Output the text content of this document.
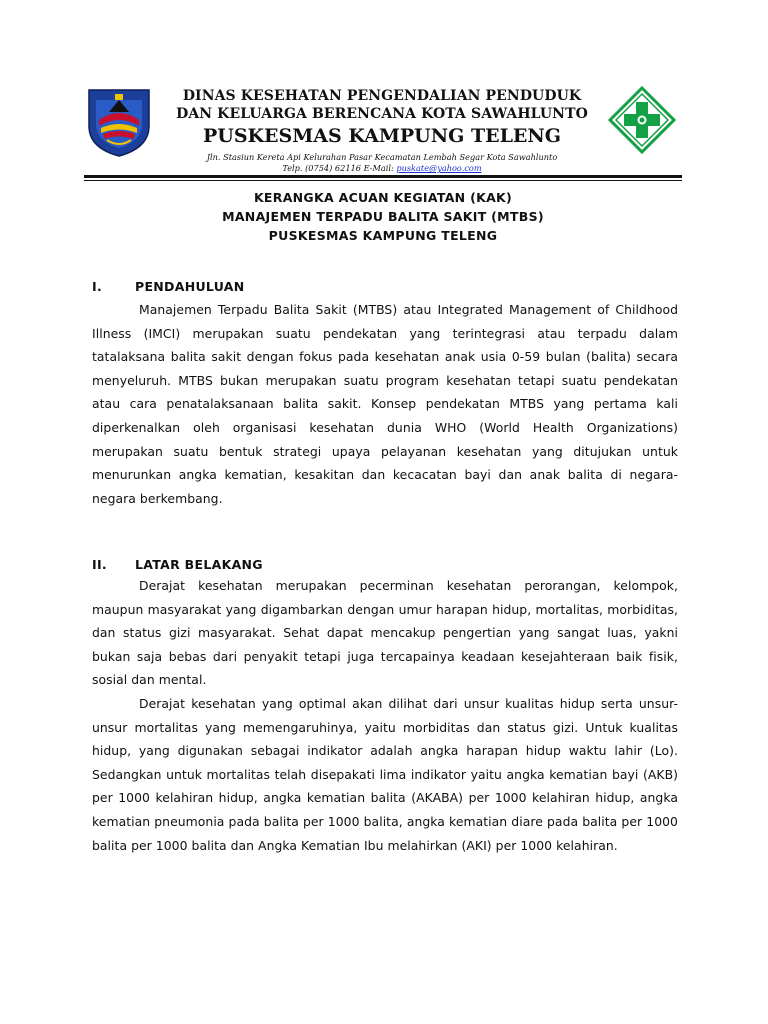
DINAS KESEHATAN PENGENDALIAN PENDUDUK
DAN KELUARGA BERENCANA KOTA SAWAHLUNTO
PUSKESMAS KAMPUNG TELENG
Jln. Stasiun Kereta Api Kelurahan Pasar Kecamatan Lembah Segar Kota Sawahlunto
Telp. (0754) 62116 E-Mail: puskate@yahoo.com
KERANGKA ACUAN KEGIATAN (KAK)
MANAJEMEN TERPADU BALITA SAKIT (MTBS)
PUSKESMAS KAMPUNG TELENG
I.	PENDAHULUAN
Manajemen Terpadu Balita Sakit (MTBS) atau Integrated Management of Childhood Illness (IMCI) merupakan suatu pendekatan yang terintegrasi atau terpadu dalam tatalaksana balita sakit dengan fokus pada kesehatan anak usia 0-59 bulan (balita) secara menyeluruh. MTBS bukan merupakan suatu program kesehatan tetapi suatu pendekatan atau cara penatalaksanaan balita sakit. Konsep pendekatan MTBS yang pertama kali diperkenalkan oleh organisasi kesehatan dunia WHO (World Health Organizations) merupakan suatu bentuk strategi upaya pelayanan kesehatan yang ditujukan untuk menurunkan angka kematian, kesakitan dan kecacatan bayi dan anak balita di negara-negara berkembang.
II. LATAR BELAKANG
Derajat kesehatan merupakan pecerminan kesehatan perorangan, kelompok, maupun masyarakat yang digambarkan dengan umur harapan hidup, mortalitas, morbiditas, dan status gizi masyarakat. Sehat dapat mencakup pengertian yang sangat luas, yakni bukan saja bebas dari penyakit tetapi juga tercapainya keadaan kesejahteraan baik fisik, sosial dan mental.
Derajat kesehatan yang optimal akan dilihat dari unsur kualitas hidup serta unsur-unsur mortalitas yang memengaruhinya, yaitu morbiditas dan status gizi. Untuk kualitas hidup, yang digunakan sebagai indikator adalah angka harapan hidup waktu lahir (Lo). Sedangkan untuk mortalitas telah disepakati lima indikator yaitu angka kematian bayi (AKB) per 1000 kelahiran hidup, angka kematian balita (AKABA) per 1000 kelahiran hidup, angka kematian pneumonia pada balita per 1000 balita, angka kematian diare pada balita per 1000 balita per 1000 balita dan Angka Kematian Ibu melahirkan (AKI) per 1000 kelahiran.
